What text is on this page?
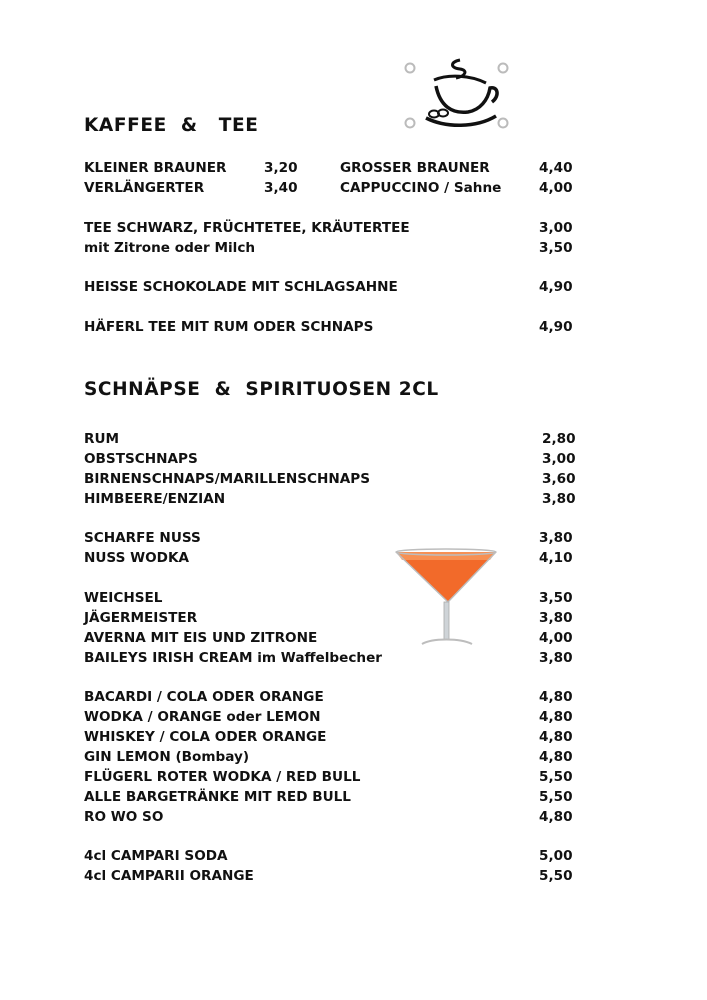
KAFFEE  &   TEE
KLEINER BRAUNER	3,20	GROSSER BRAUNER	4,40
VERLÄNGERTER	3,40	CAPPUCCINO / Sahne	4,00
TEE SCHWARZ, FRÜCHTETEE, KRÄUTERTEE	3,00
mit Zitrone oder Milch	3,50
HEISSE SCHOKOLADE MIT SCHLAGSAHNE	4,90
HÄFERL TEE MIT RUM ODER SCHNAPS	4,90
SCHNÄPSE  &  SPIRITUOSEN 2CL
RUM	2,80
OBSTSCHNAPS	3,00
BIRNENSCHNAPS/MARILLENSCHNAPS	3,60
HIMBEERE/ENZIAN	3,80
SCHARFE NUSS	3,80
NUSS WODKA	4,10
WEICHSEL	3,50
JÄGERMEISTER	3,80
AVERNA MIT EIS UND ZITRONE	4,00
BAILEYS IRISH CREAM im Waffelbecher	3,80
BACARDI / COLA ODER ORANGE	4,80
WODKA / ORANGE oder LEMON	4,80
WHISKEY / COLA ODER ORANGE	4,80
GIN LEMON (Bombay)	4,80
FLÜGERL ROTER WODKA / RED BULL	5,50
ALLE BARGETRÄNKE MIT RED BULL	5,50
RO WO SO	4,80
4cl CAMPARI SODA	5,00
4cl CAMPARII ORANGE	5,50
